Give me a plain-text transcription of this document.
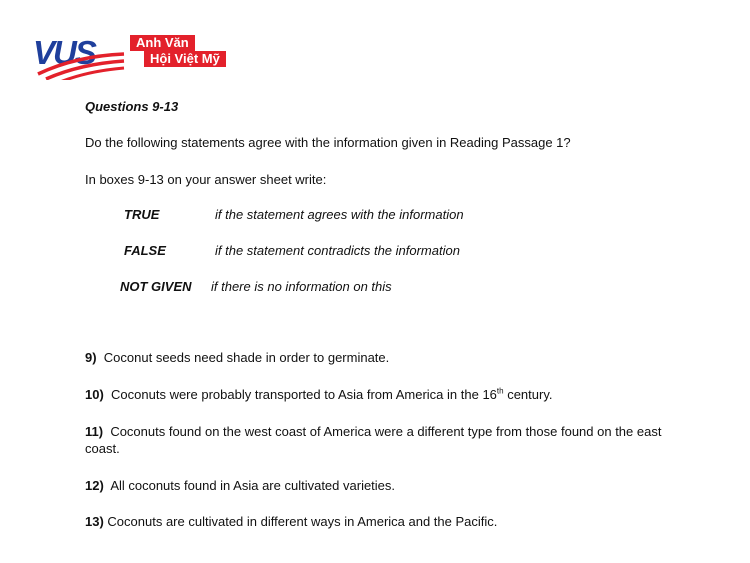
VUS	Anh Văn

Hội Việt Mỹ
Questions 9-13
Do the following statements agree with the information given in Reading Passage 1?
In boxes 9-13 on your answer sheet write:
TRUE	if the statement agrees with the information
FALSE	if the statement contradicts the information
NOT GIVEN if there is no information on this
9) Coconut seeds need shade in order to germinate.
10) Coconuts were probably transported to Asia from America in the 16th century.
11) Coconuts found on the west coast of America were a different type from those found on the east coast.
12) All coconuts found in Asia are cultivated varieties.
13) Coconuts are cultivated in different ways in America and the Pacific.
